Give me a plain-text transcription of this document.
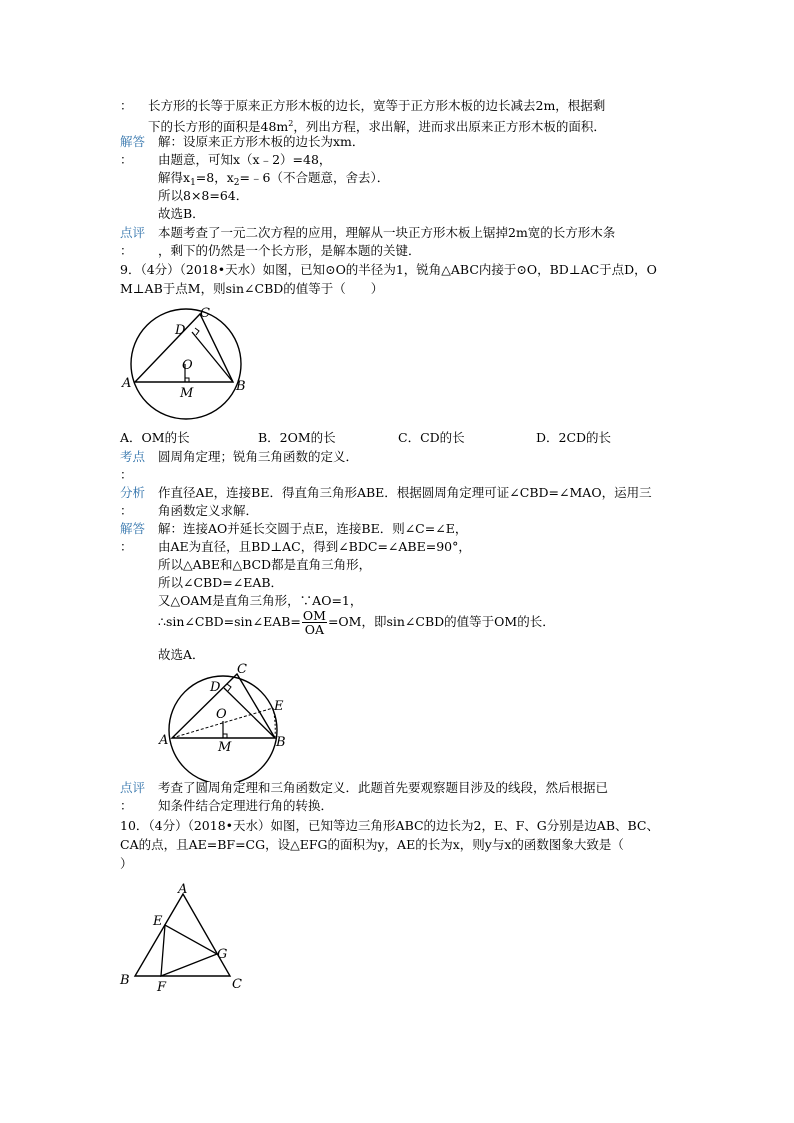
： 长方形的长等于原来正方形木板的边长，宽等于正方形木板的边长减去2m，根据剩
下的长方形的面积是$48m^2$，列出方程，求出解，进而求出原来正方形木板的面积．
解答
：
解：设原来正方形木板的边长为xm．
由题意，可知x（x﹣2）=48，
解得$x_1=8$，$x_2=﹣6$（不合题意，舍去）．
所以8×8=64．
故选B．
点评
：
本题考查了一元二次方程的应用，理解从一块正方形木板上锯掉2m宽的长方形木条
，剩下的仍然是一个长方形，是解本题的关键．
9．（4分）（2018•天水）如图，已知⊙O的半径为1，锐角△ABC内接于⊙O，BD⊥AC于点D，O
M⊥AB于点M，则sin∠CBD的值等于（　　）
A	B
C
D
O
M
A．OM的长	B．2OM的长	C．CD的长	D．2CD的长
考点
：
圆周角定理；锐角三角函数的定义．
分析
：
作直径AE，连接BE．得直角三角形ABE．根据圆周角定理可证∠CBD=∠MAO，运用三
角函数定义求解．
解答
：
解：连接AO并延长交圆于点E，连接BE．则∠C=∠E，
由AE为直径，且BD⊥AC，得到∠BDC=∠ABE=90°，
所以△ABE和△BCD都是直角三角形，
所以∠CBD=∠EAB．
又△OAM是直角三角形，∵AO=1，
∴sin∠CBD=sin∠EAB= $\frac{OM}{OA} =OM$，即sin∠CBD的值等于OM的长．
故选A．
A	B
C
D
E
O
M
点评
：
考查了圆周角定理和三角函数定义．此题首先要观察题目涉及的线段，然后根据已
知条件结合定理进行角的转换．
10．（4分）（2018•天水）如图，已知等边三角形ABC的边长为2，E、F、G分别是边AB、BC、
CA的点，且AE=BF=CG，设△EFG的面积为y，AE的长为x，则y与x的函数图象大致是（
）
A
B	C
E
F
G
